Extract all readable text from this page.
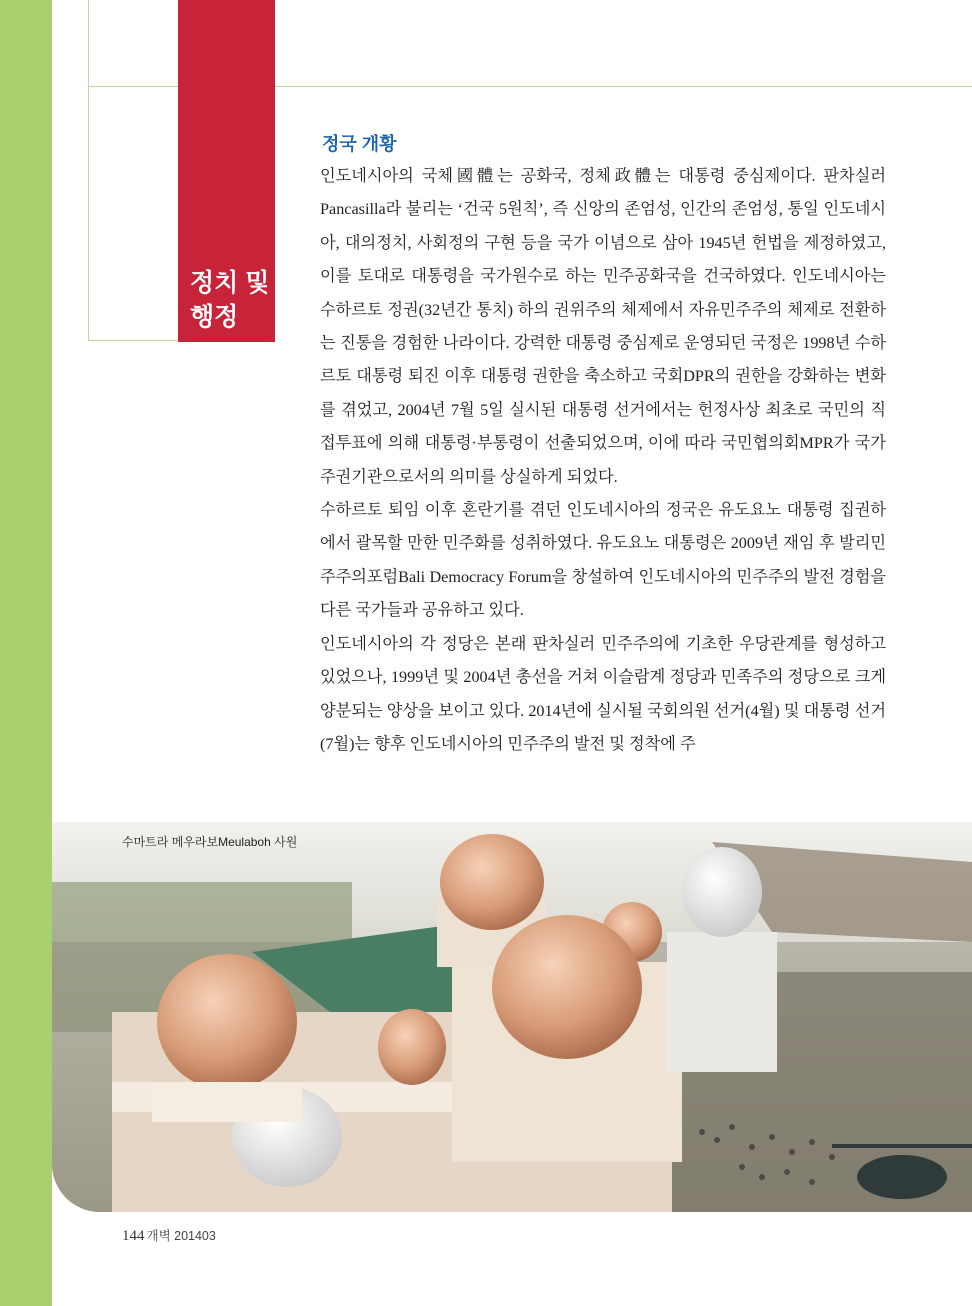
정치 및
행정
정국 개황

인도네시아의 국체國體는 공화국, 정체政體는 대통령 중심제이다. 판차실러Pancasilla라 불리는 ‘건국 5원칙’, 즉 신앙의 존엄성, 인간의 존엄성, 통일 인도네시아, 대의정치, 사회정의 구현 등을 국가 이념으로 삼아 1945년 헌법을 제정하였고, 이를 토대로 대통령을 국가원수로 하는 민주공화국을 건국하였다. 인도네시아는 수하르토 정권(32년간 통치) 하의 권위주의 체제에서 자유민주주의 체제로 전환하는 진통을 경험한 나라이다. 강력한 대통령 중심제로 운영되던 국정은 1998년 수하르토 대통령 퇴진 이후 대통령 권한을 축소하고 국회DPR의 권한을 강화하는 변화를 겪었고, 2004년 7월 5일 실시된 대통령 선거에서는 헌정사상 최초로 국민의 직접투표에 의해 대통령·부통령이 선출되었으며, 이에 따라 국민협의회MPR가 국가주권기관으로서의 의미를 상실하게 되었다.

수하르토 퇴임 이후 혼란기를 겪던 인도네시아의 정국은 유도요노 대통령 집권하에서 괄목할 만한 민주화를 성취하였다. 유도요노 대통령은 2009년 재임 후 발리민주주의포럼Bali Democracy Forum을 창설하여 인도네시아의 민주주의 발전 경험을 다른 국가들과 공유하고 있다.

인도네시아의 각 정당은 본래 판차실러 민주주의에 기초한 우당관계를 형성하고 있었으나, 1999년 및 2004년 총선을 거쳐 이슬람계 정당과 민족주의 정당으로 크게 양분되는 양상을 보이고 있다. 2014년에 실시될 국회의원 선거(4월) 및 대통령 선거(7월)는 향후 인도네시아의 민주주의 발전 및 정착에 주

수마트라 메우라보Meulaboh 사원
144 개벽 201403
